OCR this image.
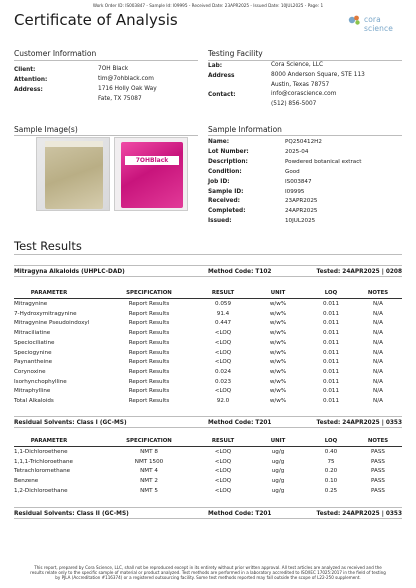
Work Order ID: IS003847 - Sample Id: I09995 - Received Date: 23APR2025 - Issued Date: 10JUL2025 - Page: 1
Certificate of Analysis	cora science
Customer Information
Client:	7OH Black
Attention:	tim@7ohblack.com
Address:	1716 Holly Oak Way
Fate, TX 75087
Testing Facility
Lab:	Cora Science, LLC
Address	8000 Anderson Square, STE 113
Austin, Texas 78757
Contact:	info@corascience.com
(512) 856-5007
Sample Image(s)
7OHBlack
Sample Information
Name:	PQ250412H2
Lot Number:	2025-04
Description:	Powdered botanical extract
Condition:	Good
Job ID:	IS003847
Sample ID:	I09995
Received:	23APR2025
Completed:	24APR2025
Issued:	10JUL2025
Test Results
Mitragyna Alkaloids (UHPLC-DAD)	Method Code: T102	Tested: 24APR2025 | 0208
PARAMETER	SPECIFICATION	RESULT	UNIT	LOQ	NOTES
Mitragynine	Report Results	0.059	w/w%	0.011	N/A
7-Hydroxymitragynine	Report Results	91.4	w/w%	0.011	N/A
Mitragynine Pseudoindoxyl	Report Results	0.447	w/w%	0.011	N/A
Mitraciliatine	Report Results	<LOQ	w/w%	0.011	N/A
Speciociliatine	Report Results	<LOQ	w/w%	0.011	N/A
Speciogynine	Report Results	<LOQ	w/w%	0.011	N/A
Paynantheine	Report Results	<LOQ	w/w%	0.011	N/A
Corynoxine	Report Results	0.024	w/w%	0.011	N/A
Isorhynchophylline	Report Results	0.023	w/w%	0.011	N/A
Mitraphylline	Report Results	<LOQ	w/w%	0.011	N/A
Total Alkaloids	Report Results	92.0	w/w%	0.011	N/A
Residual Solvents: Class I (GC-MS)	Method Code: T201	Tested: 24APR2025 | 0353
PARAMETER	SPECIFICATION	RESULT	UNIT	LOQ	NOTES
1,1-Dichloroethene	NMT 8	<LOQ	ug/g	0.40	PASS
1,1,1-Trichloroethane	NMT 1500	<LOQ	ug/g	75	PASS
Tetrachloromethane	NMT 4	<LOQ	ug/g	0.20	PASS
Benzene	NMT 2	<LOQ	ug/g	0.10	PASS
1,2-Dichloroethane	NMT 5	<LOQ	ug/g	0.25	PASS
Residual Solvents: Class II (GC-MS)	Method Code: T201	Tested: 24APR2025 | 0353
This report, prepared by Cora Science, LLC, shall not be reproduced except in its entirety without prior written approval. All test articles are analyzed as received and the
results relate only to the specific sample of material or product analyzed. Test methods are performed in a laboratory accredited to ISO/IEC 17025:2017 in the field of testing
by PJLA (Accreditation #116374) or a registered outsourcing facility. Some test methods reported may fall outside the scope of L22-250 supplement.
